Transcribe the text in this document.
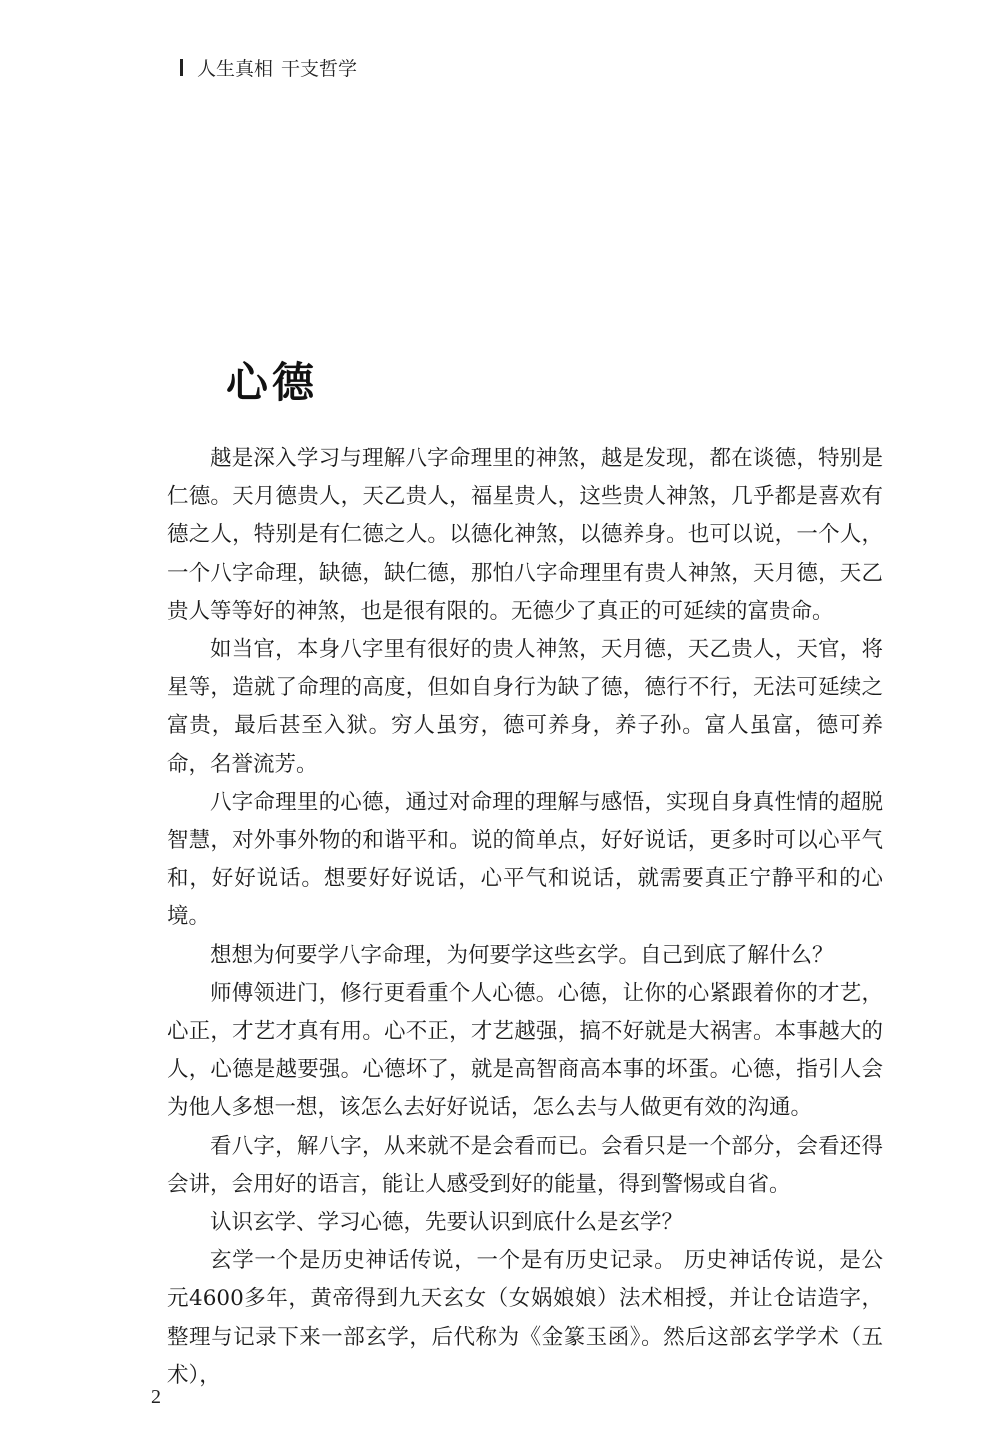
人生真相 干支哲学
心德

越是深入学习与理解八字命理里的神煞，越是发现，都在谈德，特别是仁德。天月德贵人，天乙贵人，福星贵人，这些贵人神煞，几乎都是喜欢有德之人，特别是有仁德之人。以德化神煞，以德养身。也可以说，一个人，一个八字命理，缺德，缺仁德，那怕八字命理里有贵人神煞，天月德，天乙贵人等等好的神煞，也是很有限的。无德少了真正的可延续的富贵命。

如当官，本身八字里有很好的贵人神煞，天月德，天乙贵人，天官，将星等，造就了命理的高度，但如自身行为缺了德，德行不行，无法可延续之富贵，最后甚至入狱。穷人虽穷，德可养身，养子孙。富人虽富，德可养命，名誉流芳。

八字命理里的心德，通过对命理的理解与感悟，实现自身真性情的超脱智慧，对外事外物的和谐平和。说的简单点，好好说话，更多时可以心平气和，好好说话。想要好好说话，心平气和说话，就需要真正宁静平和的心境。

想想为何要学八字命理，为何要学这些玄学。自己到底了解什么？

师傅领进门，修行更看重个人心德。心德，让你的心紧跟着你的才艺，心正，才艺才真有用。心不正，才艺越强，搞不好就是大祸害。本事越大的人，心德是越要强。心德坏了，就是高智商高本事的坏蛋。心德，指引人会为他人多想一想，该怎么去好好说话，怎么去与人做更有效的沟通。

看八字，解八字，从来就不是会看而已。会看只是一个部分，会看还得会讲，会用好的语言，能让人感受到好的能量，得到警惕或自省。

认识玄学、学习心德，先要认识到底什么是玄学？

玄学一个是历史神话传说，一个是有历史记录。 历史神话传说，是公元4600多年，黄帝得到九天玄女（女娲娘娘）法术相授，并让仓诘造字，整理与记录下来一部玄学，后代称为《金篆玉函》。然后这部玄学学术（五术），

2
